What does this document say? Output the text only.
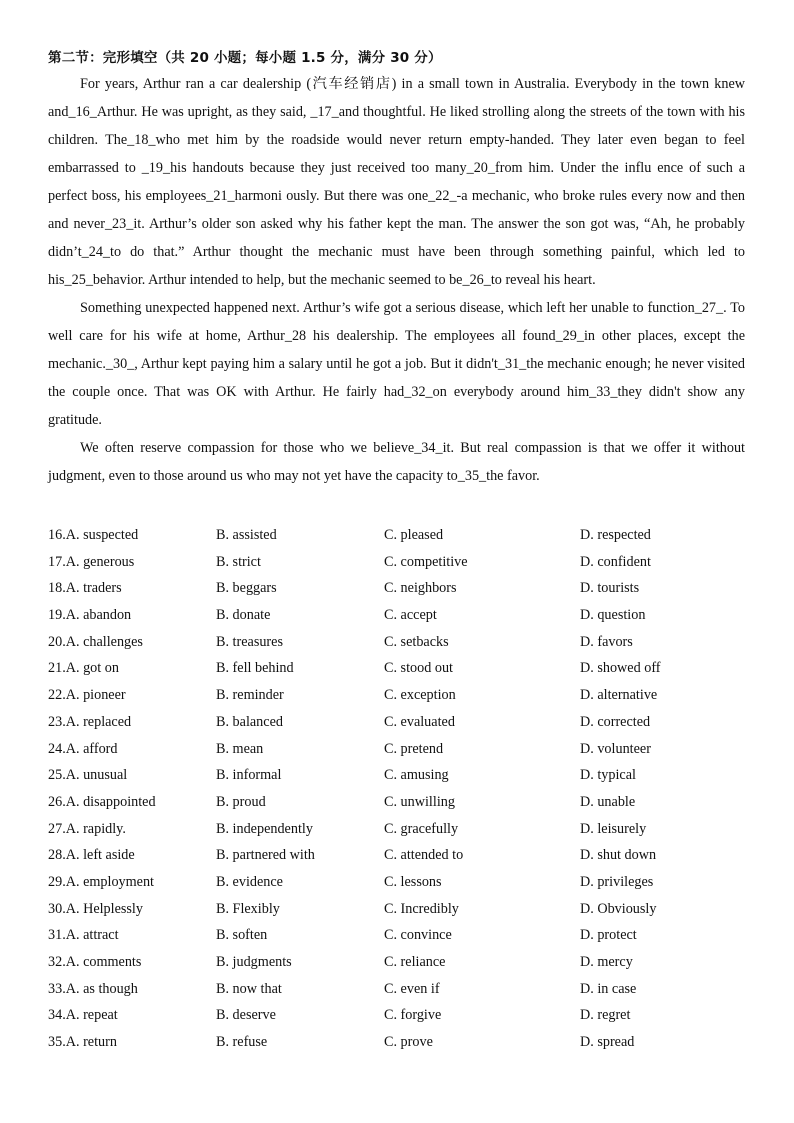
第二节：完形填空（共 20 小题；每小题 1.5 分，满分 30 分）

For years, Arthur ran a car dealership (汽车经销店) in a small town in Australia. Everybody in the town knew and_16_Arthur. He was upright, as they said, _17_and thoughtful. He liked strolling along the streets of the town with his children. The_18_who met him by the roadside would never return empty-handed. They later even began to feel embarrassed to _19_his handouts because they just received too many_20_from him. Under the influ ence of such a perfect boss, his employees_21_harmoni ously. But there was one_22_-a mechanic, who broke rules every now and then and never_23_it. Arthur’s older son asked why his father kept the man. The answer the son got was, “Ah, he probably didn’t_24_to do that.” Arthur thought the mechanic must have been through something painful, which led to his_25_behavior. Arthur intended to help, but the mechanic seemed to be_26_to reveal his heart.

Something unexpected happened next. Arthur’s wife got a serious disease, which left her unable to function_27_. To well care for his wife at home, Arthur_28 his dealership. The employees all found_29_in other places, except the mechanic._30_, Arthur kept paying him a salary until he got a job. But it didn't_31_the mechanic enough; he never visited the couple once. That was OK with Arthur. He fairly had_32_on everybody around him_33_they didn't show any gratitude.

We often reserve compassion for those who we believe_34_it. But real compassion is that we offer it without judgment, even to those around us who may not yet have the capacity to_35_the favor.

16.A. suspected	B. assisted	C. pleased	D. respected
17.A. generous	B. strict	C. competitive	D. confident
18.A. traders	B. beggars	C. neighbors	D. tourists
19.A. abandon	B. donate	C. accept	D. question
20.A. challenges	B. treasures	C. setbacks	D. favors
21.A. got on	B. fell behind	C. stood out	D. showed off
22.A. pioneer	B. reminder	C. exception	D. alternative
23.A. replaced	B. balanced	C. evaluated	D. corrected
24.A. afford	B. mean	C. pretend	D. volunteer
25.A. unusual	B. informal	C. amusing	D. typical
26.A. disappointed	B. proud	C. unwilling	D. unable
27.A. rapidly.	B. independently	C. gracefully	D. leisurely
28.A. left aside	B. partnered with	C. attended to	D. shut down
29.A. employment	B. evidence	C. lessons	D. privileges
30.A. Helplessly	B. Flexibly	C. Incredibly	D. Obviously
31.A. attract	B. soften	C. convince	D. protect
32.A. comments	B. judgments	C. reliance	D. mercy
33.A. as though	B. now that	C. even if	D. in case
34.A. repeat	B. deserve	C. forgive	D. regret
35.A. return	B. refuse	C. prove	D. spread
